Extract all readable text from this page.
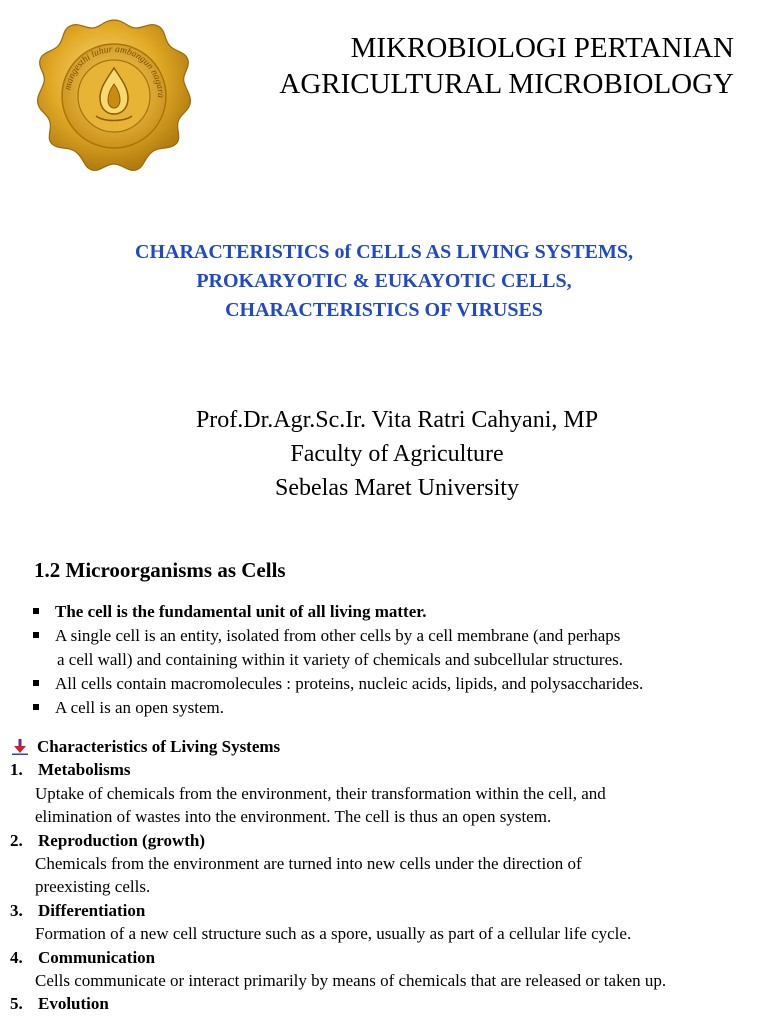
mangesthi luhur ambangun nagara
MIKROBIOLOGI PERTANIAN
AGRICULTURAL MICROBIOLOGY
CHARACTERISTICS of CELLS AS LIVING SYSTEMS,
PROKARYOTIC & EUKAYOTIC CELLS,
CHARACTERISTICS OF VIRUSES
Prof.Dr.Agr.Sc.Ir. Vita Ratri Cahyani, MP
Faculty of Agriculture
Sebelas Maret University
1.2 Microorganisms as Cells
The cell is the fundamental unit of all living matter.
A single cell is an entity, isolated from other cells by a cell membrane (and perhaps
a cell wall) and containing within it variety of chemicals and subcellular structures.
All cells contain macromolecules : proteins, nucleic acids, lipids, and polysaccharides.
A cell is an open system.
Characteristics of Living Systems
1. Metabolisms
Uptake of chemicals from the environment, their transformation within the cell, and
elimination of wastes into the environment. The cell is thus an open system.
2. Reproduction (growth)
Chemicals from the environment are turned into new cells under the direction of
preexisting cells.
3. Differentiation
Formation of a new cell structure such as a spore, usually as part of a cellular life cycle.
4. Communication
Cells communicate or interact primarily by means of chemicals that are released or taken up.
5. Evolution
